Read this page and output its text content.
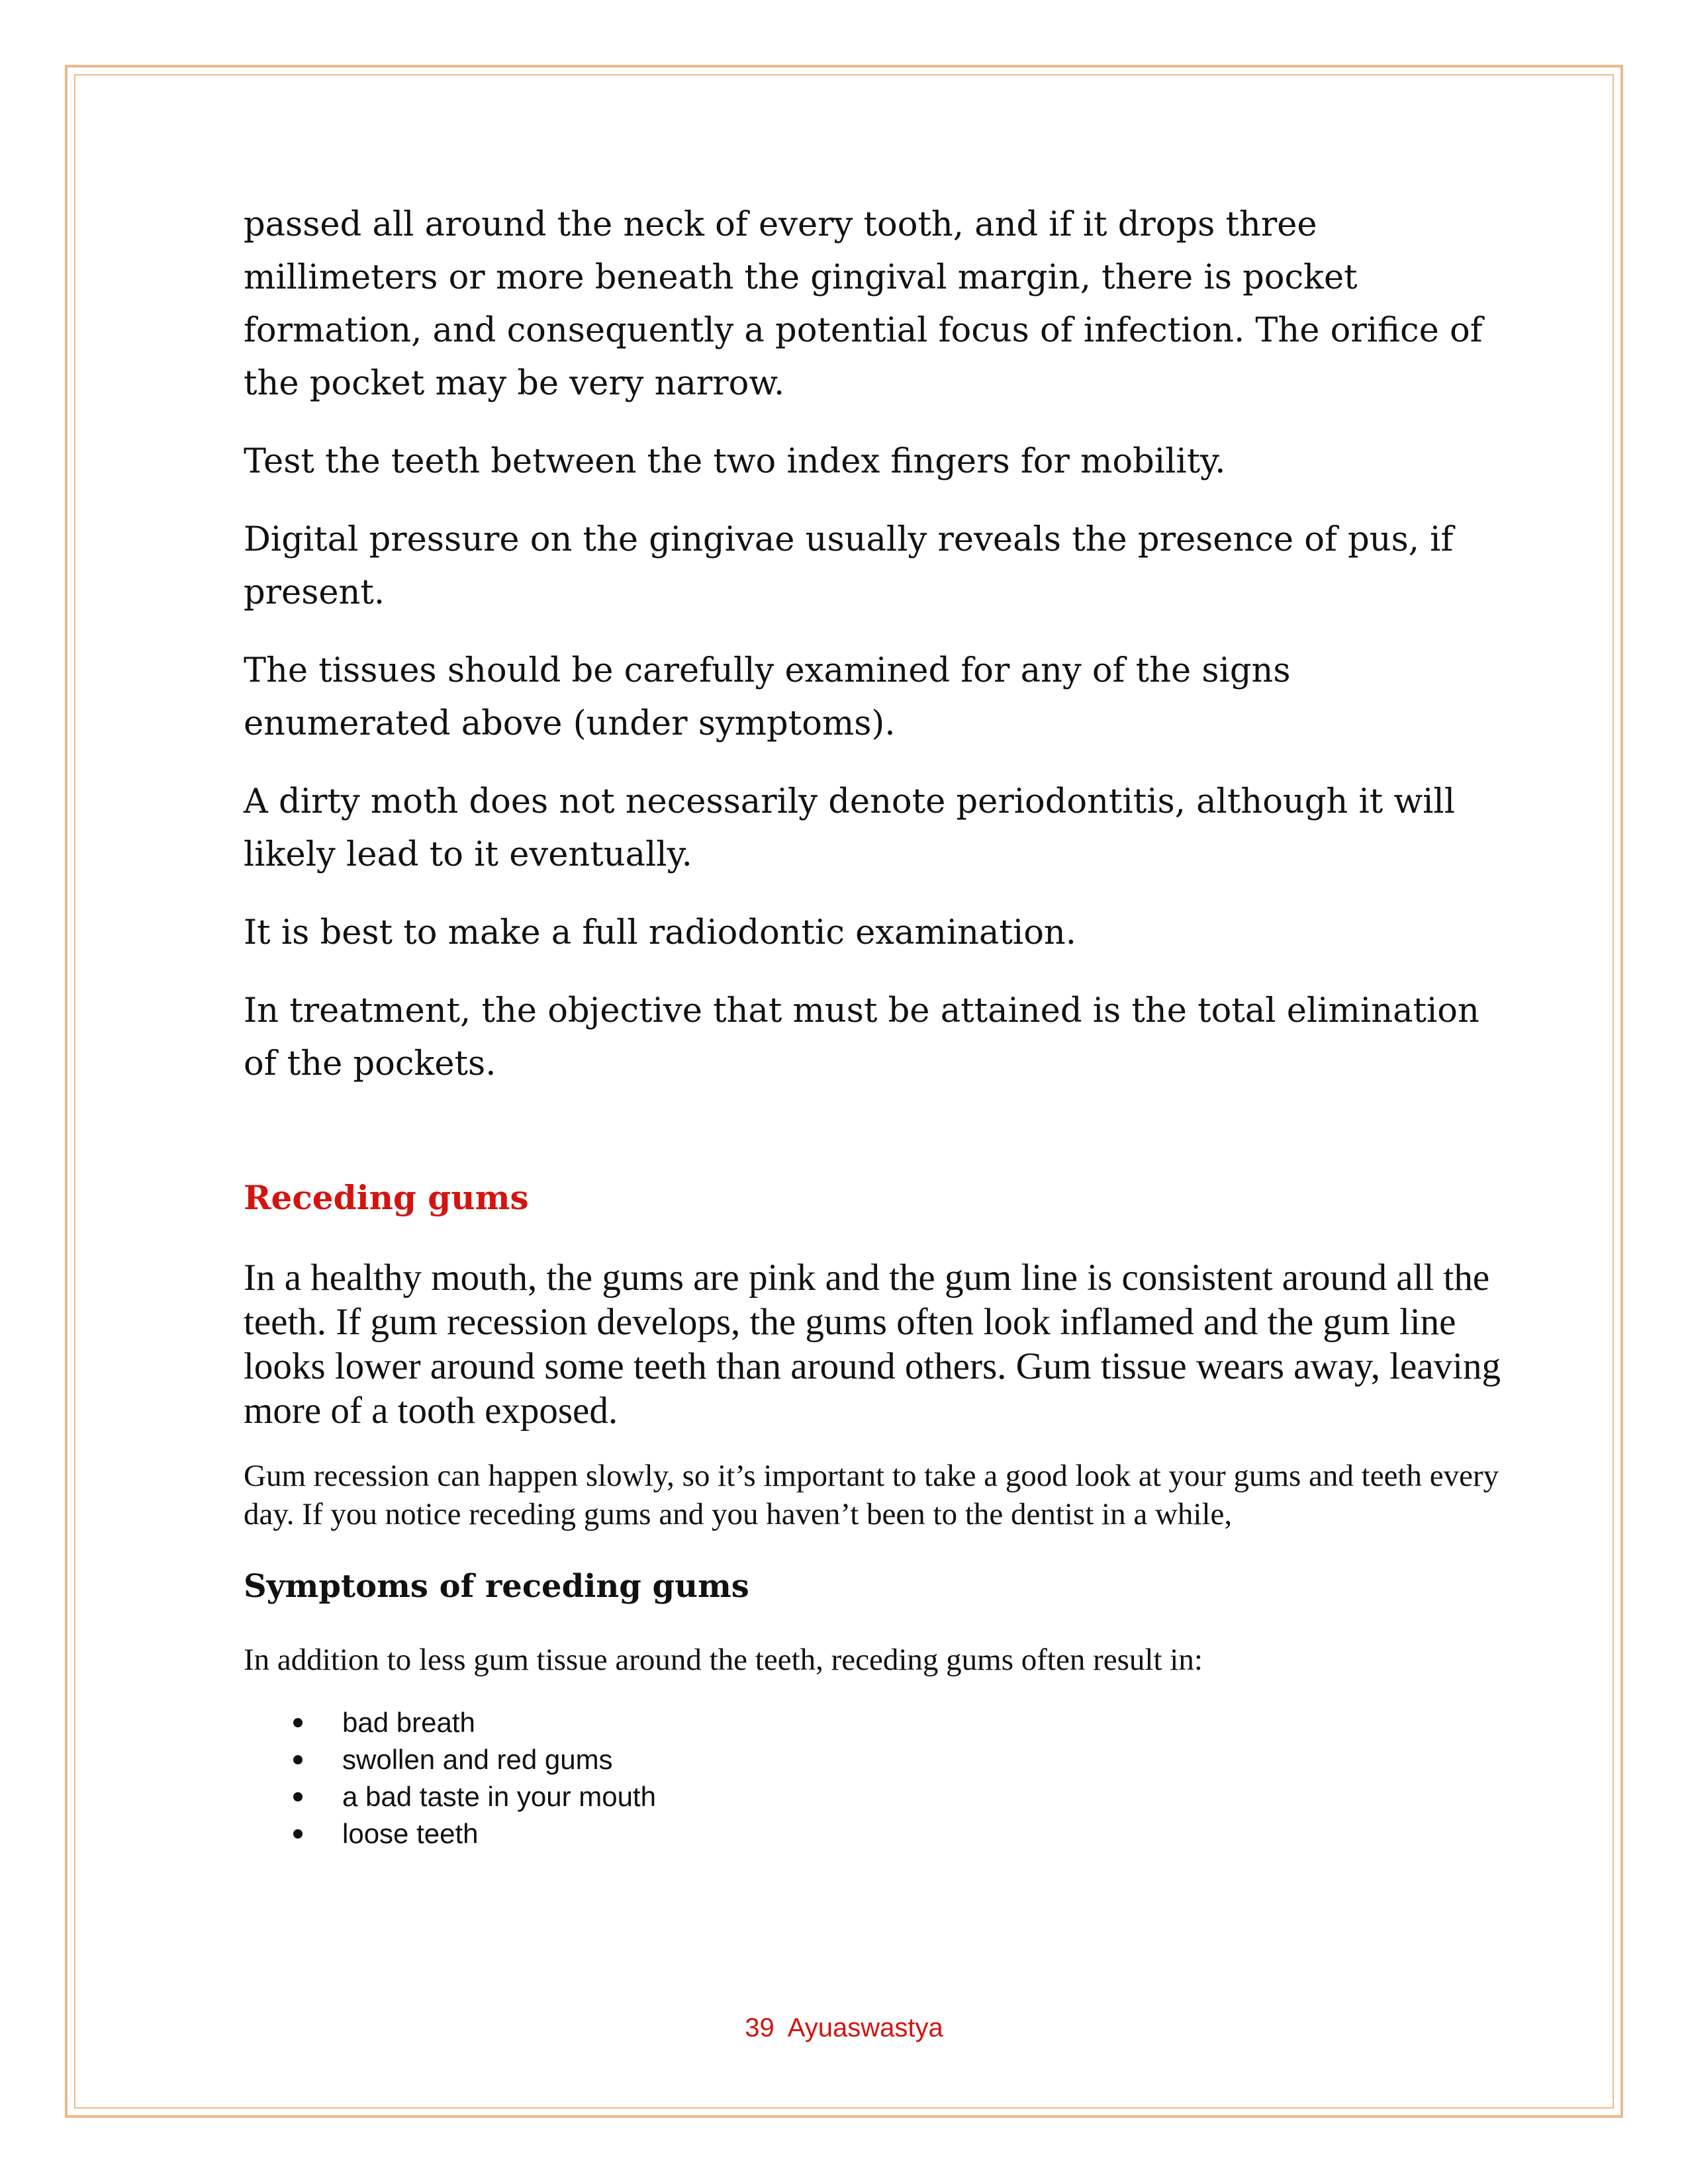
passed all around the neck of every tooth, and if it drops three millimeters or more beneath the gingival margin, there is pocket formation, and consequently a potential focus of infection. The orifice of the pocket may be very narrow.

Test the teeth between the two index fingers for mobility.

Digital pressure on the gingivae usually reveals the presence of pus, if present.

The tissues should be carefully examined for any of the signs enumerated above (under symptoms).

A dirty moth does not necessarily denote periodontitis, although it will likely lead to it eventually.

It is best to make a full radiodontic examination.

In treatment, the objective that must be attained is the total elimination of the pockets.

Receding gums

In a healthy mouth, the gums are pink and the gum line is consistent around all the teeth. If gum recession develops, the gums often look inflamed and the gum line looks lower around some teeth than around others. Gum tissue wears away, leaving more of a tooth exposed.

Gum recession can happen slowly, so it’s important to take a good look at your gums and teeth every day. If you notice receding gums and you haven’t been to the dentist in a while,

Symptoms of receding gums

In addition to less gum tissue around the teeth, receding gums often result in:

bad breath
swollen and red gums
a bad taste in your mouth
loose teeth
39 Ayuaswastya
